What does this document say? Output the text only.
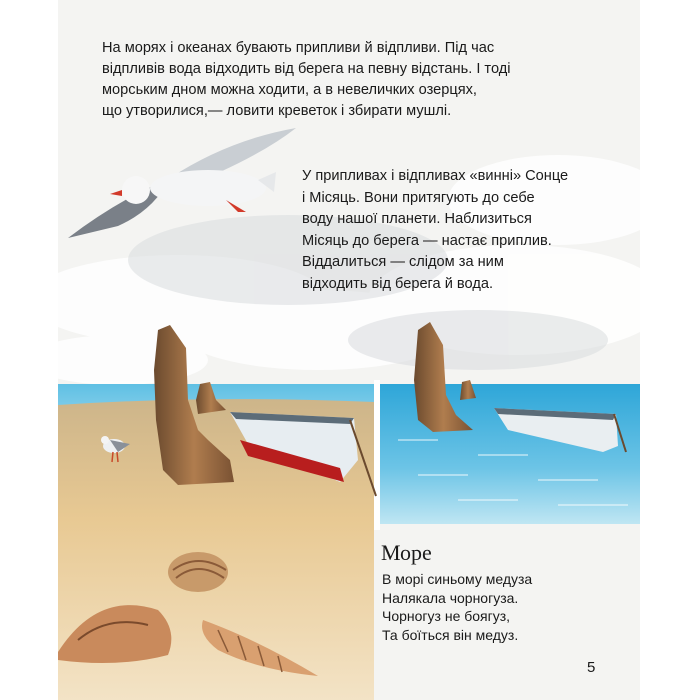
На морях і океанах бувають припливи й відпливи. Під час
відпливів вода відходить від берега на певну відстань. І тоді
морським дном можна ходити, а в невеличких озерцях,
що утворилися,— ловити креветок і збирати мушлі.
У припливах і відпливах «винні» Сонце
і Місяць. Вони притягують до себе
воду нашої планети. Наблизиться
Місяць до берега — настає приплив.
Віддалиться — слідом за ним
відходить від берега й вода.
Море
В морі синьому медуза
Налякала чорногуза.
Чорногуз не боягуз,
Та боїться він медуз.
5
